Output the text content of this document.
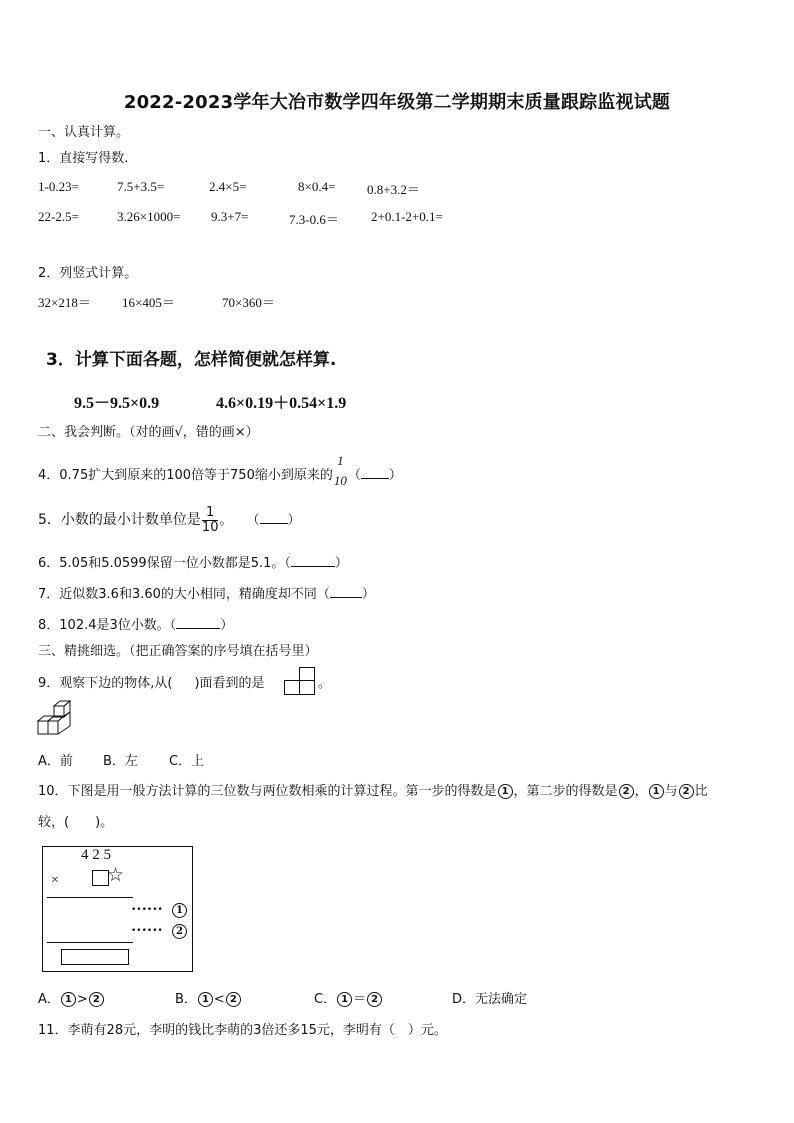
2022-2023学年大冶市数学四年级第二学期期末质量跟踪监视试题
一、认真计算。
1．直接写得数.
1-0.23=	7.5+3.5=	2.4×5=	8×0.4= 0.8+3.2＝
22-2.5=	3.26×1000= 9.3+7=	7.3-0.6＝ 2+0.1-2+0.1=
2．列竖式计算。
32×218＝ 16×405＝	70×360＝
3．计算下面各题，怎样简便就怎样算.
9.5－9.5×0.9	4.6×0.19＋0.54×1.9
二、我会判断。（对的画√，错的画×）
4．0.75扩大到原来的100倍等于750缩小到原来的
1
10 （ ）
5．小数的最小计数单位是 $\frac{1}{10}$ 。 （ ）
6．5.05和5.0599保留一位小数都是5.1。（	）
7．近似数3.6和3.60的大小相同，精确度却不同（ ）
8．102.4是3位小数。（	）
三、精挑细选。（把正确答案的序号填在括号里）
9．观察下边的物体,从( )面看到的是	。
A．前 B．左 C．上
10．下图是用一般方法计算的三位数与两位数相乘的计算过程。第一步的得数是 1 ，第二步的得数是 2 ， 1 与 2 比
较，(　　)。
4 2 5
×	☆
••••••	1
••••••	2
A． 1 > 2	B． 1 < 2	C． 1 ＝ 2	D．无法确定
11．李萌有28元，李明的钱比李萌的3倍还多15元，李明有（　）元。
